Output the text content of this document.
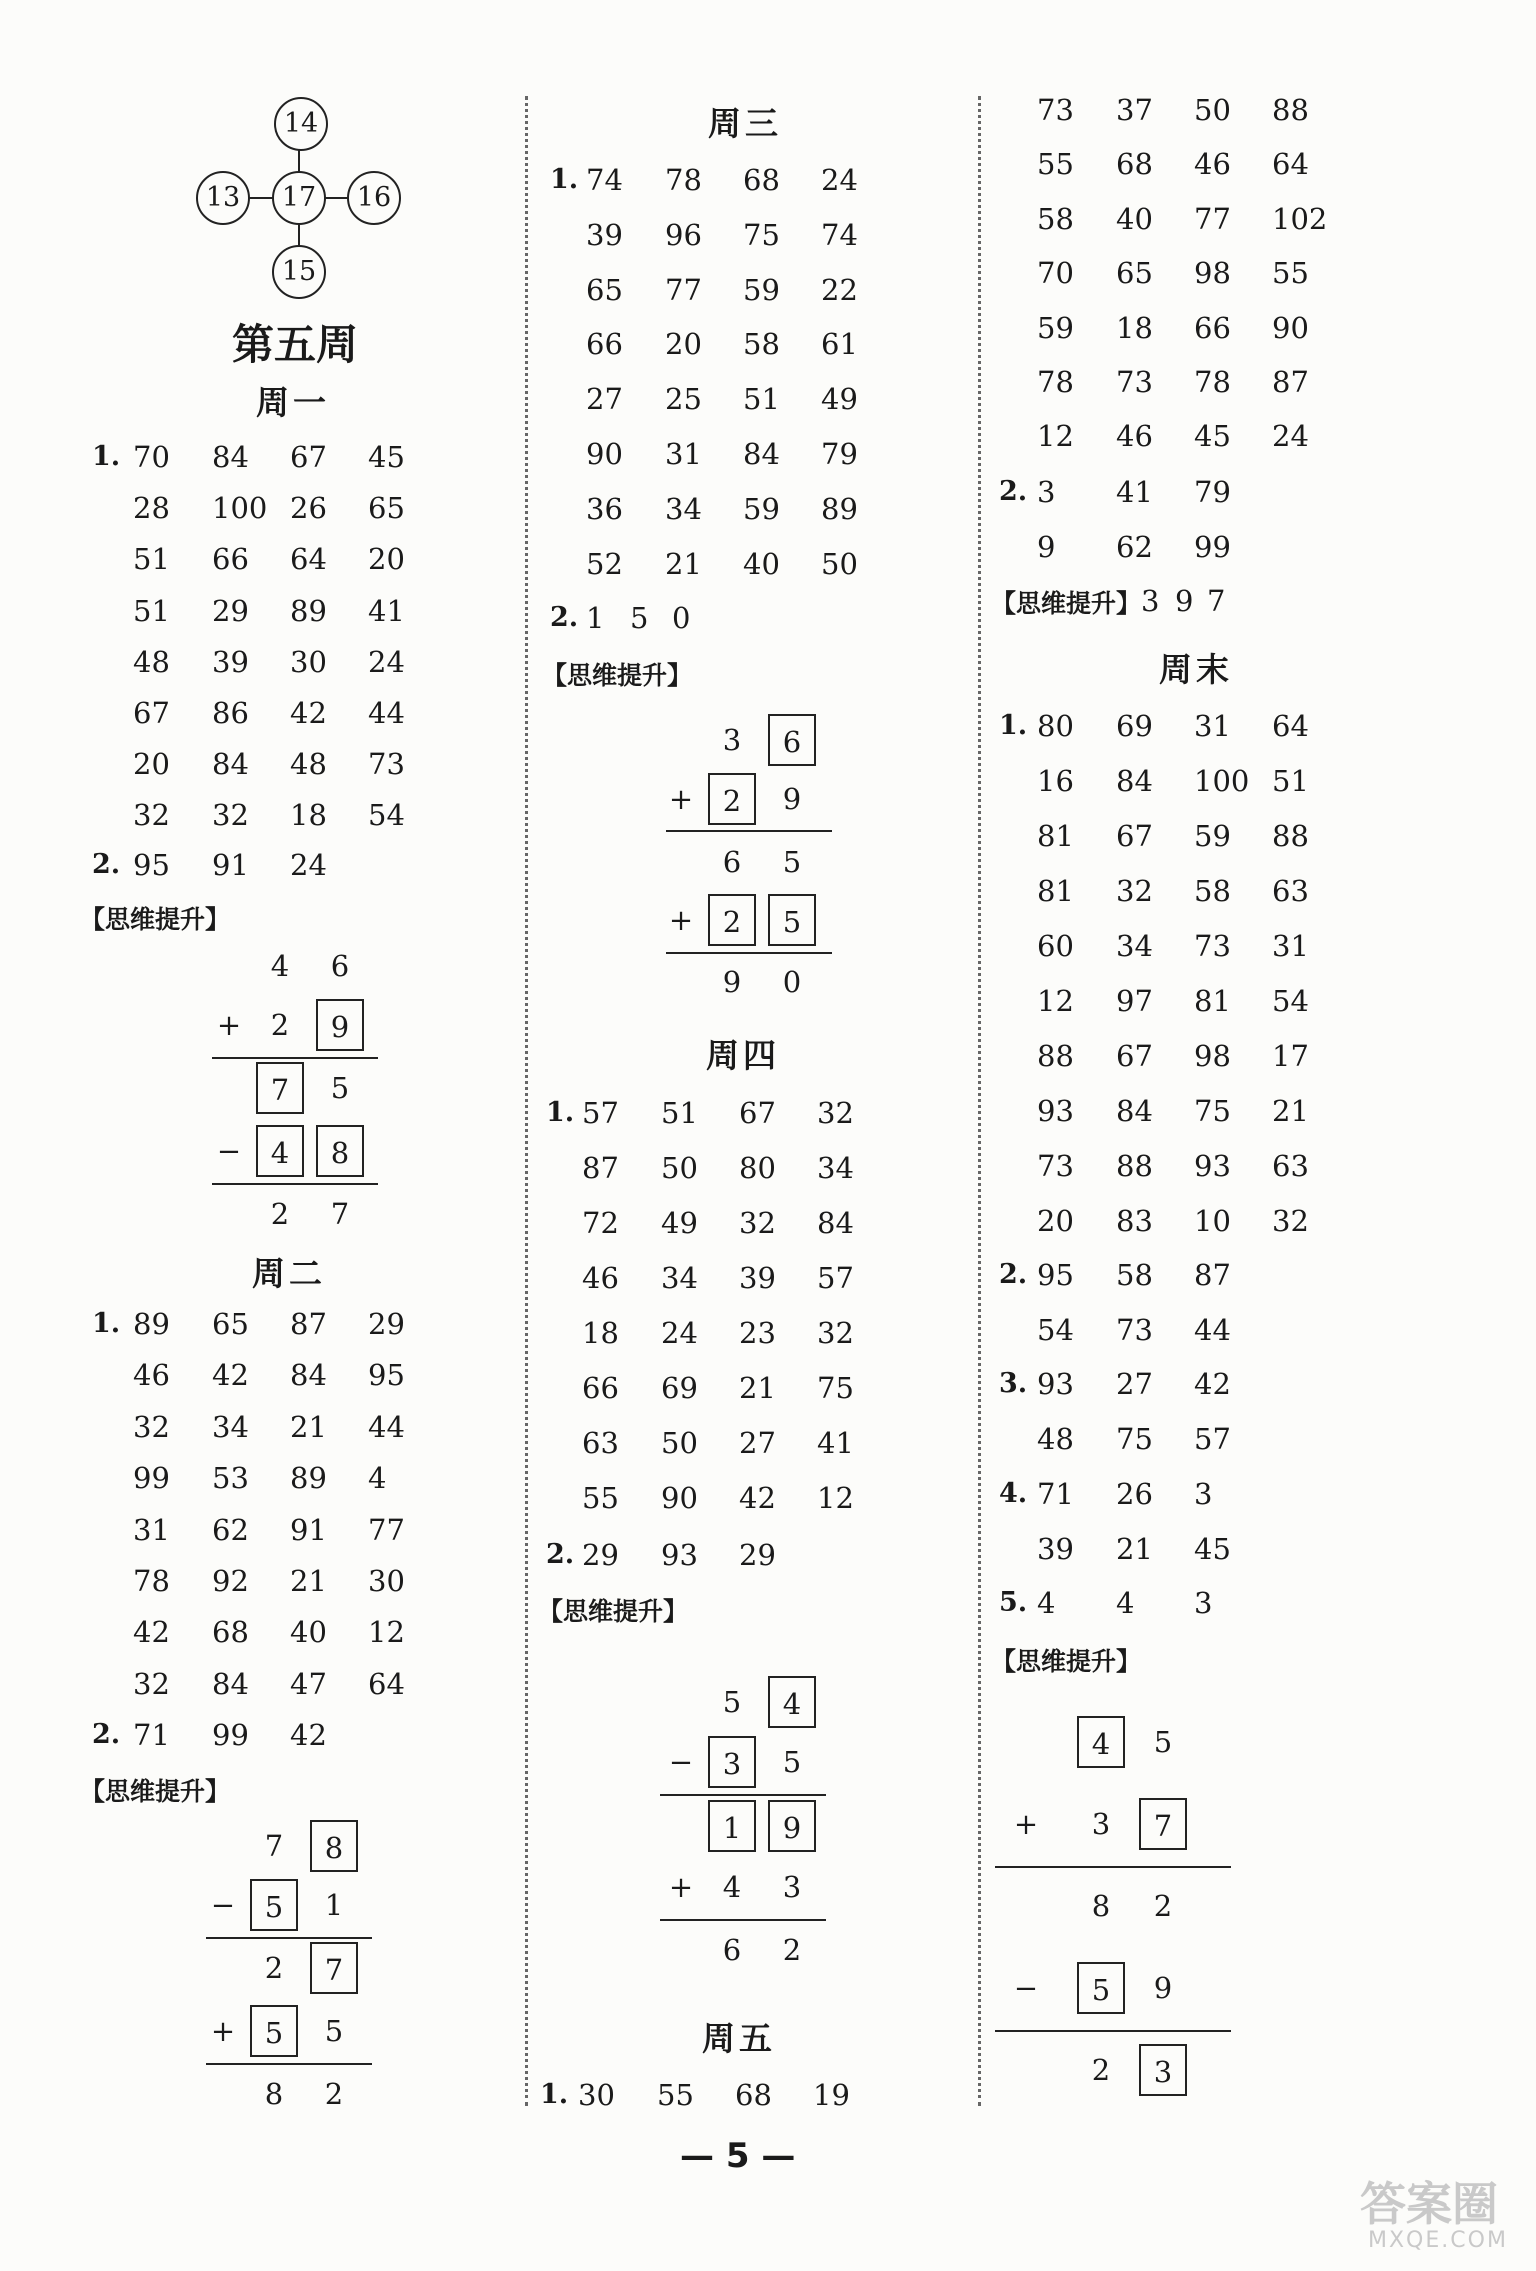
14
13	17	16
15
第五周
周一
1. 70 84 67 45
28 100 26 65
51 66 64 20
51 29 89 41
48 39 30 24
67 86 42 44
20 84 48 73
32 32 18 54
2. 95 91 24
【思维提升】
4	6
+	2	9
7	5
−	4	8
2	7
周二
1. 89 65 87 29
46 42 84 95
32 34 21 44
99 53 89 4
31 62 91 77
78 92 21 30
42 68 40 12
32 84 47 64
2. 71 99 42
【思维提升】
7	8
−	5	1
2	7
+	5	5
8	2
周三
1. 74 78 68 24
39 96 75 74
65 77 59 22
66 20 58 61
27 25 51 49
90 31 84 79
36 34 59 89
52 21 40 50
2. 1 5 0
【思维提升】
3	6
+	2	9
6	5
+	2	5
9	0
周四
1. 57 51 67 32
87 50 80 34
72 49 32 84
46 34 39 57
18 24 23 32
66 69 21 75
63 50 27 41
55 90 42 12
2. 29 93 29
【思维提升】
5	4
−	3	5
1	9
+	4	3
6	2
周五
1. 30 55 68 19
73 37 50 88
55 68 46 64
58 40 77 102
70 65 98 55
59 18 66 90
78 73 78 87
12 46 45 24
2. 3 41 79
9 62 99
【思维提升】 3 9 7
周末
1. 80 69 31 64
16 84 100 51
81 67 59 88
81 32 58 63
60 34 73 31
12 97 81 54
88 67 98 17
93 84 75 21
73 88 93 63
20 83 10 32
2. 95 58 87
54 73 44
3. 93 27 42
48 75 57
4. 71 26 3
39 21 45
5. 4 4 3
【思维提升】
4	5
+	3	7
8	2
−	5	9
2	3
— 5 —
答案圈
MXQE.COM
